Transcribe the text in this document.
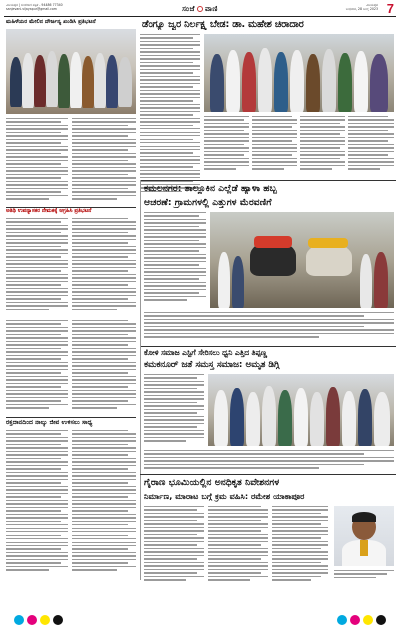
ವಿಜಯಪುರ | ಸಂಜೆವಾಣಿ ಪತ್ರಿಕೆ - 94486 77340
sanjevani.vijayapur@gmail.com	ಸಂಜೆ ವಾಣಿ	ವಿಜಯಪುರ
ಬುಧವಾರ, 28 ಜುಲೈ 2023 7
ಡೆಂಗ್ಯೂ ಜ್ವರ ನಿರ್ಲಕ್ಷ್ಯ ಬೇಡ: ಡಾ. ಮಹೇಶ ಚಿರಾದಾರ
ಮಹಿಳೆಯರ ಮೇಲಿನ ದೌರ್ಜನ್ಯ ಖಂಡಿಸಿ ಪ್ರತಿಭಟನೆ
ಕಮಲನಗರ: ತಾಲ್ಲೂಕಿನ ಎಲ್ಲೆಡೆ ಹ್ಯಾಳಾ ಹಬ್ಬ
ಆಚರಣೆ: ಗ್ರಾಮಗಳಲ್ಲಿ ಎತ್ತುಗಳ ಮೆರವಣಿಗೆ
ಅತಿಥಿ ಉಪನ್ಯಾಸಕರ ನೇಮಕಕ್ಕೆ ಆಗ್ರಹಿಸಿ ಪ್ರತಿಭಟನೆ
ಕೋಳಿ ಸಮಾಜ ಎಸ್ಟಿಗೆ ಸೇರಿಸಲು ಧ್ವನಿ ಎತ್ತಿದ ತಿಪ್ಪಣ್ಣ
ಕಮಕನೂರ್ ಜತೆ ಸಮಸ್ತ ಸಮಾಜ: ಅಮೃತ ಡಿಗ್ಗಿ
ರಕ್ತದಾನದಿಂದ ನಾಲ್ಕು ಜೀವ ಉಳಿಸಲು ಸಾಧ್ಯ
ಗೈರಾಣ ಭೂಮಿಯಲ್ಲಿನ ಅನಧಿಕೃತ ನಿವೇಶನಗಳ
ನಿರ್ಮಾಣ, ಮಾರಾಟ ಬಗ್ಗೆ ಕ್ರಮ ವಹಿಸಿ: ರಮೇಶ ಯಾಕಾಪೂರ
